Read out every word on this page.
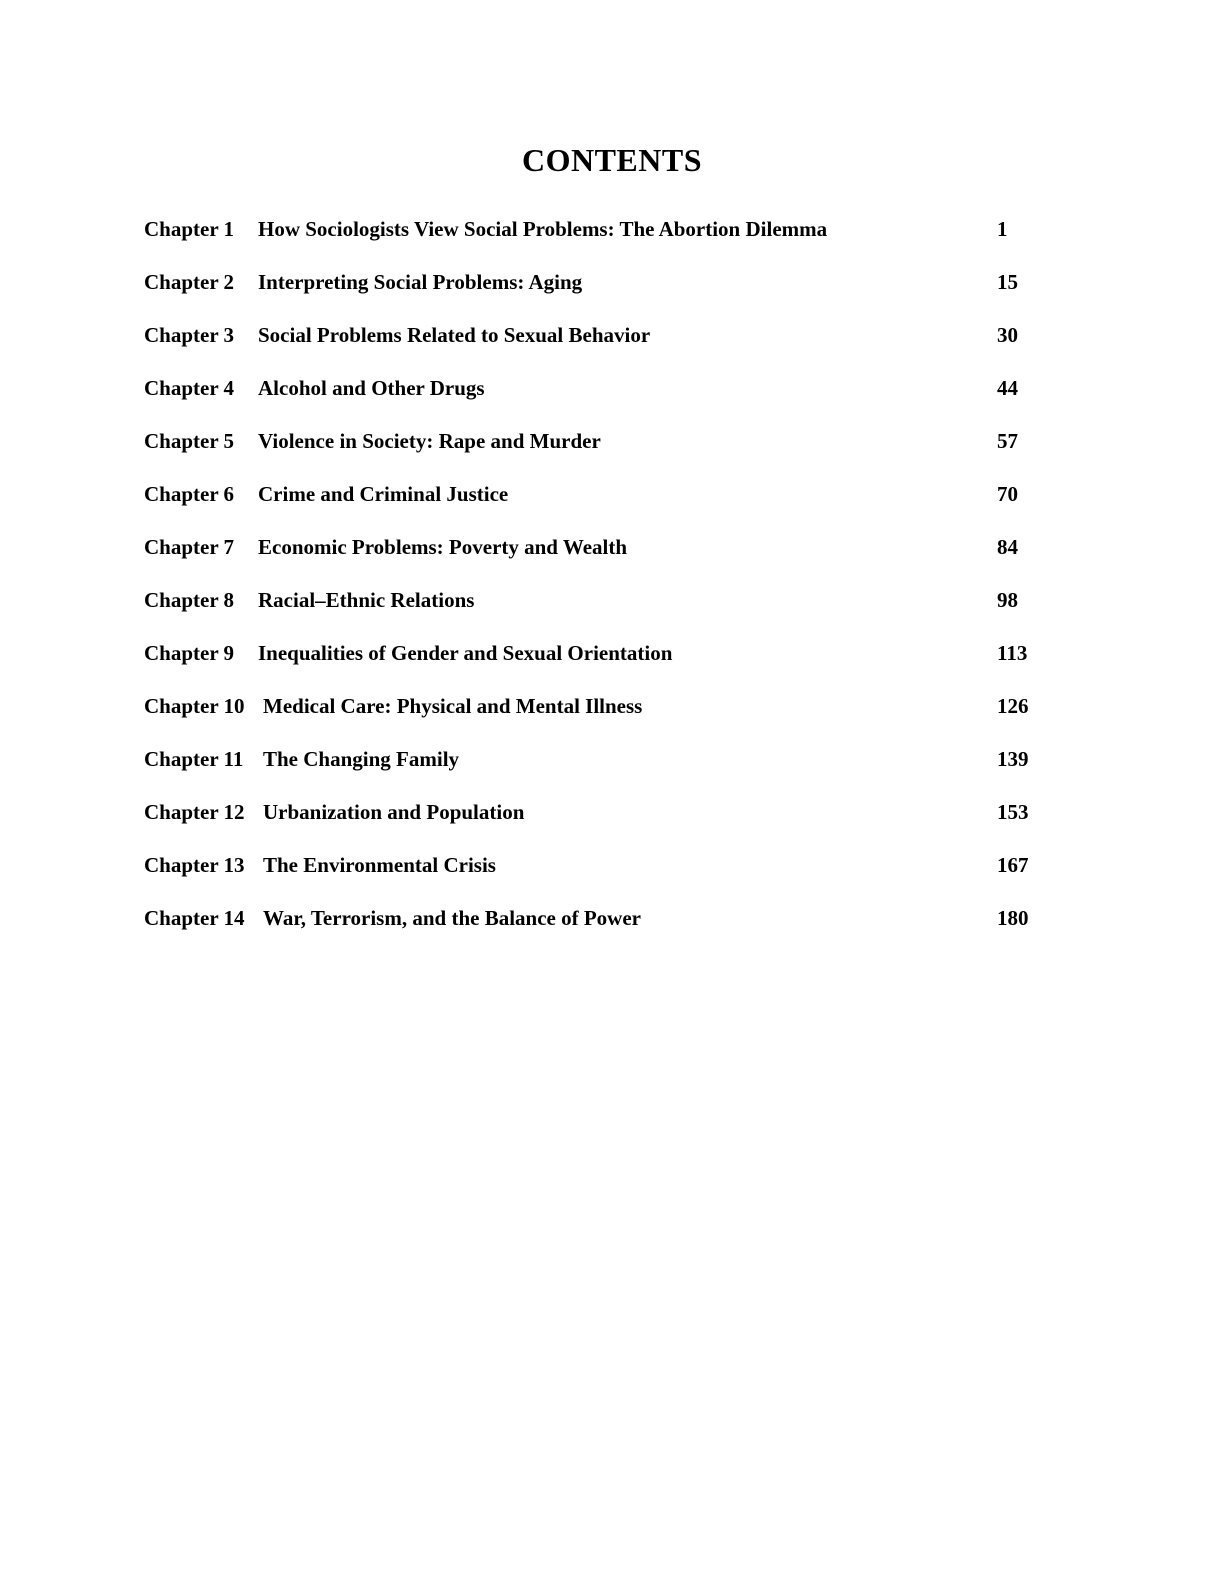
CONTENTS
Chapter 1 How Sociologists View Social Problems: The Abortion Dilemma	1
Chapter 2 Interpreting Social Problems: Aging	15
Chapter 3 Social Problems Related to Sexual Behavior	30
Chapter 4 Alcohol and Other Drugs	44
Chapter 5 Violence in Society: Rape and Murder	57
Chapter 6 Crime and Criminal Justice	70
Chapter 7 Economic Problems: Poverty and Wealth	84
Chapter 8 Racial–Ethnic Relations	98
Chapter 9 Inequalities of Gender and Sexual Orientation	113
Chapter 10 Medical Care: Physical and Mental Illness	126
Chapter 11 The Changing Family	139
Chapter 12 Urbanization and Population	153
Chapter 13 The Environmental Crisis	167
Chapter 14 War, Terrorism, and the Balance of Power	180
